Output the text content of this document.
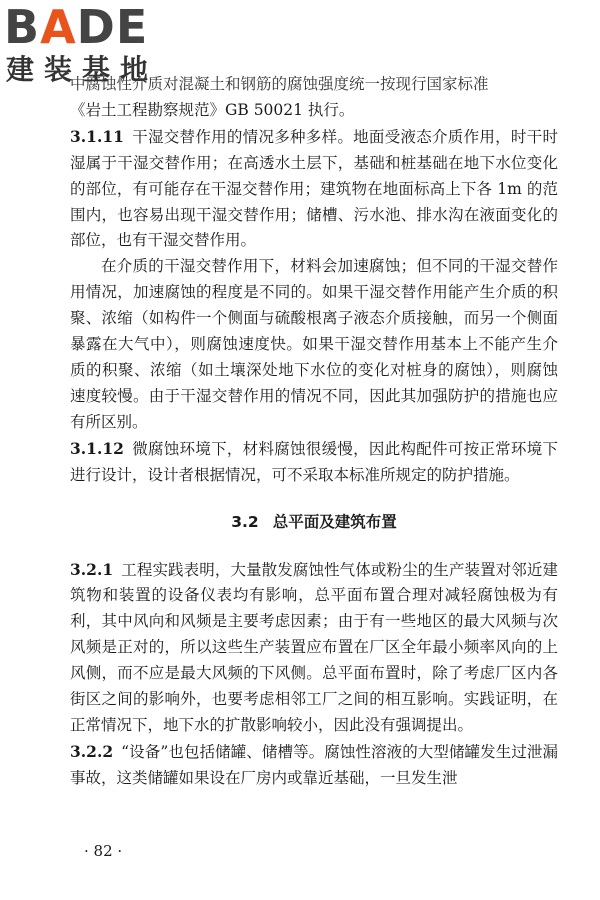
BADE
建装基地

中腐蚀性介质对混凝土和钢筋的腐蚀强度统一按现行国家标准

《岩土工程勘察规范》GB 50021 执行。

3.1.11 干湿交替作用的情况多种多样。地面受液态介质作用，时干时湿属于干湿交替作用；在高透水土层下，基础和桩基础在地下水位变化的部位，有可能存在干湿交替作用；建筑物在地面标高上下各 1m 的范围内，也容易出现干湿交替作用；储槽、污水池、排水沟在液面变化的部位，也有干湿交替作用。

在介质的干湿交替作用下，材料会加速腐蚀；但不同的干湿交替作用情况，加速腐蚀的程度是不同的。如果干湿交替作用能产生介质的积聚、浓缩（如构件一个侧面与硫酸根离子液态介质接触，而另一个侧面暴露在大气中），则腐蚀速度快。如果干湿交替作用基本上不能产生介质的积聚、浓缩（如土壤深处地下水位的变化对桩身的腐蚀），则腐蚀速度较慢。由于干湿交替作用的情况不同，因此其加强防护的措施也应有所区别。

3.1.12 微腐蚀环境下，材料腐蚀很缓慢，因此构配件可按正常环境下进行设计，设计者根据情况，可不采取本标准所规定的防护措施。

3.2 总平面及建筑布置

3.2.1 工程实践表明，大量散发腐蚀性气体或粉尘的生产装置对邻近建筑物和装置的设备仪表均有影响，总平面布置合理对减轻腐蚀极为有利，其中风向和风频是主要考虑因素；由于有一些地区的最大风频与次风频是正对的，所以这些生产装置应布置在厂区全年最小频率风向的上风侧，而不应是最大风频的下风侧。总平面布置时，除了考虑厂区内各街区之间的影响外，也要考虑相邻工厂之间的相互影响。实践证明，在正常情况下，地下水的扩散影响较小，因此没有强调提出。

3.2.2 “设备”也包括储罐、储槽等。腐蚀性溶液的大型储罐发生过泄漏事故，这类储罐如果设在厂房内或靠近基础，一旦发生泄

· 82 ·
